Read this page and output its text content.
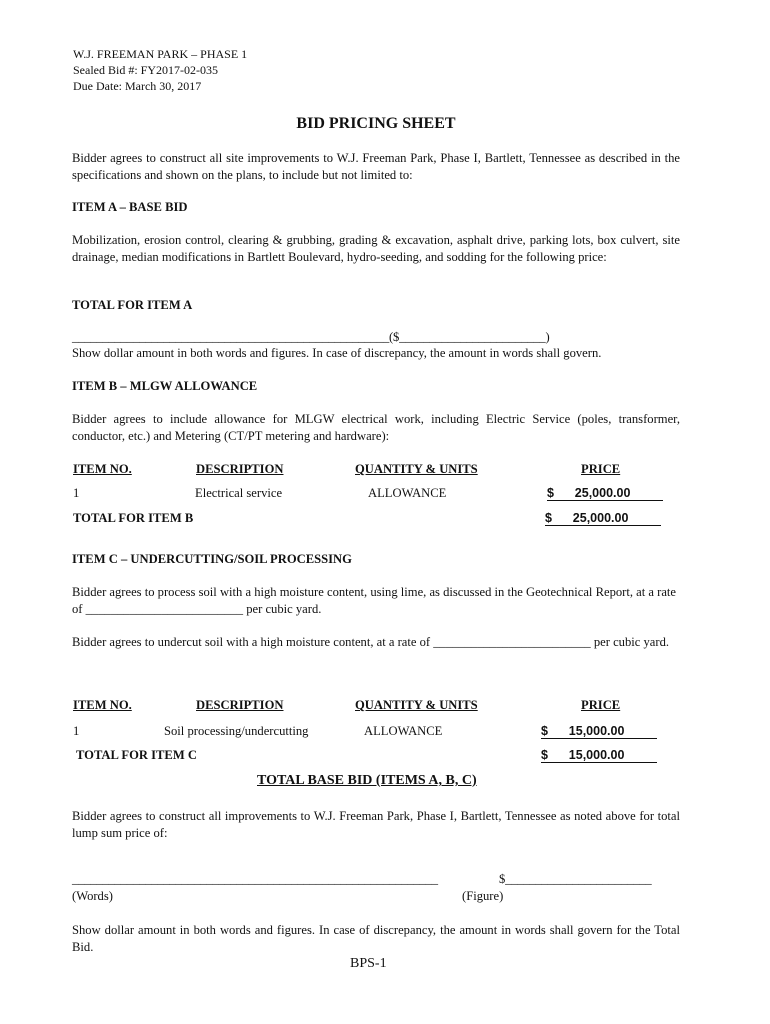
W.J. FREEMAN PARK – PHASE 1
Sealed Bid #: FY2017-02-035
Due Date: March 30, 2017
BID PRICING SHEET
Bidder agrees to construct all site improvements to W.J. Freeman Park, Phase I, Bartlett, Tennessee as described in the specifications and shown on the plans, to include but not limited to:
ITEM A – BASE BID
Mobilization, erosion control, clearing & grubbing, grading & excavation, asphalt drive, parking lots, box culvert, site drainage, median modifications in Bartlett Boulevard, hydro-seeding, and sodding for the following price:
TOTAL FOR ITEM A
____________________________________________________($________________________)
Show dollar amount in both words and figures. In case of discrepancy, the amount in words shall govern.
ITEM B – MLGW ALLOWANCE
Bidder agrees to include allowance for MLGW electrical work, including Electric Service (poles, transformer, conductor, etc.) and Metering (CT/PT metering and hardware):
ITEM NO.	DESCRIPTION	QUANTITY & UNITS	PRICE
1	Electrical service	ALLOWANCE	$      25,000.00
TOTAL FOR ITEM B	$      25,000.00
ITEM C – UNDERCUTTING/SOIL PROCESSING
Bidder agrees to process soil with a high moisture content, using lime, as discussed in the Geotechnical Report, at a rate of _________________________ per cubic yard.
Bidder agrees to undercut soil with a high moisture content, at a rate of _________________________ per cubic yard.
ITEM NO.	DESCRIPTION	QUANTITY & UNITS	PRICE
1	Soil processing/undercutting	ALLOWANCE	$      15,000.00
TOTAL FOR ITEM C	$      15,000.00
TOTAL BASE BID (ITEMS A, B, C)
Bidder agrees to construct all improvements to W.J. Freeman Park, Phase I, Bartlett, Tennessee as noted above for total lump sum price of:
____________________________________________________________	$________________________
(Words)	(Figure)
Show dollar amount in both words and figures. In case of discrepancy, the amount in words shall govern for the Total Bid.
BPS-1
